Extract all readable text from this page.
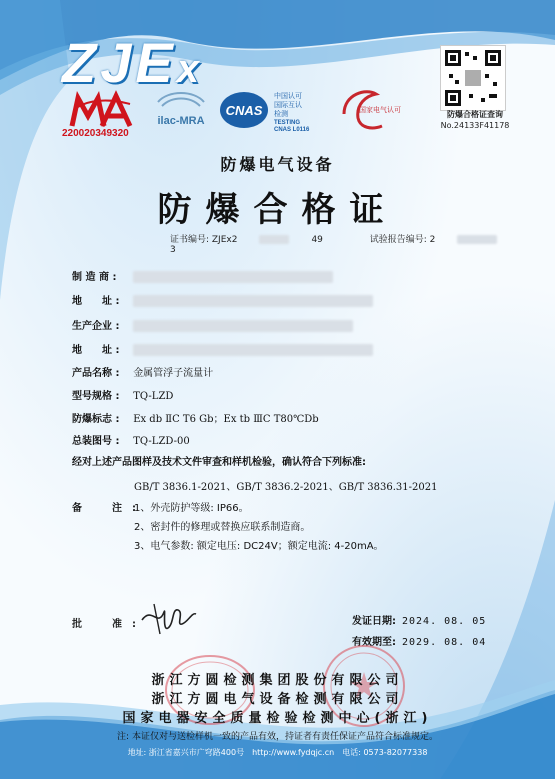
ZJEx
220020349320
ilac-MRA
CNAS
中国认可
国际互认
检测
TESTING
CNAS L0116
国家电气认可	防爆合格证查询
No.24133F41178
防爆电气设备
防爆合格证
证书编号: ZJEx2	49	试验报告编号: 23
制 造 商 :
地　　址 :
生产企业 :
地　　址 :
产品名称 : 金属管浮子流量计
型号规格 : TQ-LZD
防爆标志 : Ex db ⅡC T6 Gb；Ex tb ⅢC T80℃Db
总装图号 : TQ-LZD-00
经对上述产品图样及技术文件审查和样机检验，确认符合下列标准:
GB/T 3836.1-2021、GB/T 3836.2-2021、GB/T 3836.31-2021
备　注:
1、外壳防护等级: IP66。
2、密封件的修理或替换应联系制造商。
3、电气参数: 额定电压: DC24V；额定电流: 4-20mA。
批　准:	发证日期: 2024. 08. 05
有效期至: 2029. 08. 04
浙江方圆检测集团股份有限公司
浙江方圆电气设备检测有限公司
国家电器安全质量检验检测中心(浙江)
注: 本证仅对与送检样机一致的产品有效，持证者有责任保证产品符合标准规定。
地址: 浙江省嘉兴市广穹路400号　http://www.fydqjc.cn　电话: 0573-82077338
